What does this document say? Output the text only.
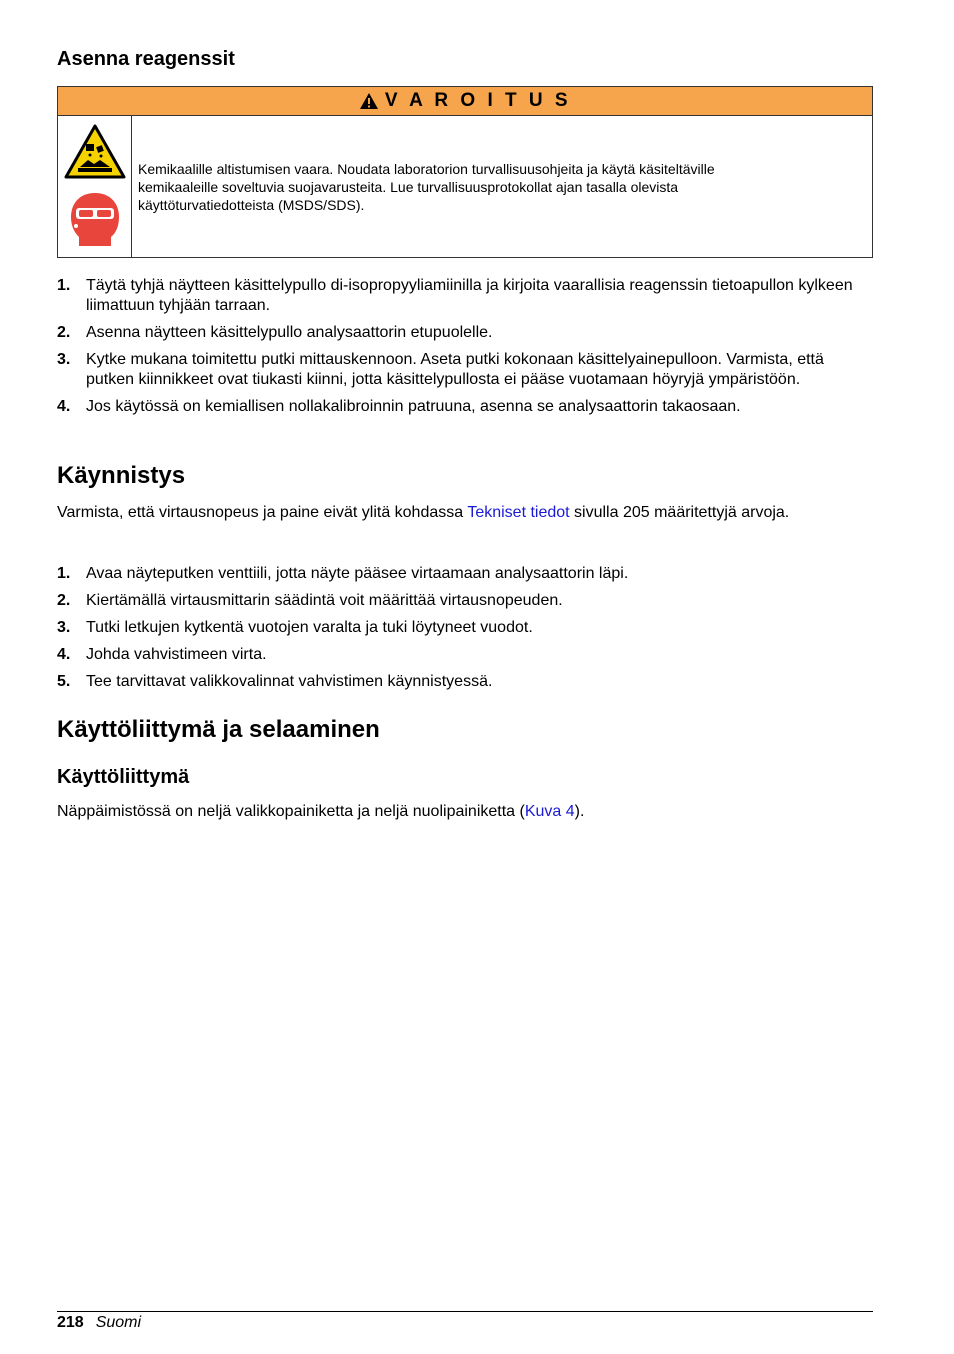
Asenna reagenssit
V A R O I T U S
Kemikaalille altistumisen vaara. Noudata laboratorion turvallisuusohjeita ja käytä käsiteltäville kemikaaleille soveltuvia suojavarusteita. Lue turvallisuusprotokollat ajan tasalla olevista käyttöturvatiedotteista (MSDS/SDS).
1. Täytä tyhjä näytteen käsittelypullo di-isopropyyliamiinilla ja kirjoita vaarallisia reagenssin tietoapullon kylkeen liimattuun tyhjään tarraan.
2. Asenna näytteen käsittelypullo analysaattorin etupuolelle.
3. Kytke mukana toimitettu putki mittauskennoon. Aseta putki kokonaan käsittelyainepulloon. Varmista, että putken kiinnikkeet ovat tiukasti kiinni, jotta käsittelypullosta ei pääse vuotamaan höyryjä ympäristöön.
4. Jos käytössä on kemiallisen nollakalibroinnin patruuna, asenna se analysaattorin takaosaan.
Käynnistys

Varmista, että virtausnopeus ja paine eivät ylitä kohdassa Tekniset tiedot sivulla 205 määritettyjä arvoja.

1. Avaa näyteputken venttiili, jotta näyte pääsee virtaamaan analysaattorin läpi.
2. Kiertämällä virtausmittarin säädintä voit määrittää virtausnopeuden.
3. Tutki letkujen kytkentä vuotojen varalta ja tuki löytyneet vuodot.
4. Johda vahvistimeen virta.
5. Tee tarvittavat valikkovalinnat vahvistimen käynnistyessä.
Käyttöliittymä ja selaaminen
Käyttöliittymä

Näppäimistössä on neljä valikkopainiketta ja neljä nuolipainiketta (Kuva 4).

218 Suomi
